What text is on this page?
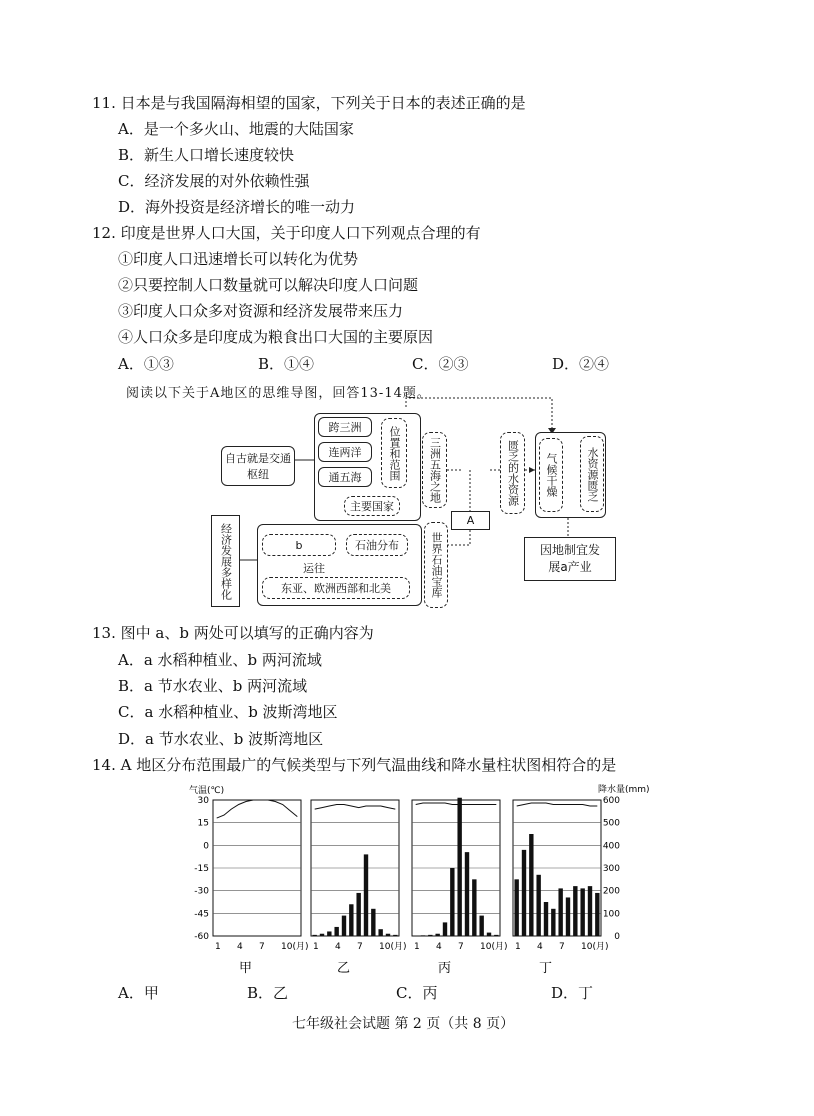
11. 日本是与我国隔海相望的国家，下列关于日本的表述正确的是
A．是一个多火山、地震的大陆国家
B．新生人口增长速度较快
C．经济发展的对外依赖性强
D．海外投资是经济增长的唯一动力
12. 印度是世界人口大国，关于印度人口下列观点合理的有
①印度人口迅速增长可以转化为优势
②只要控制人口数量就可以解决印度人口问题
③印度人口众多对资源和经济发展带来压力
④人口众多是印度成为粮食出口大国的主要原因
A．①③	B．①④	C．②③	D．②④
阅读以下关于A地区的思维导图，回答13-14题。
自古就是交通枢纽
跨三洲
连两洋
通五海	位置和范围
主要国家
三洲五海之地
A
匮乏的水资源	气候干燥	水资源匮乏
因地制宜发展a产业
经济发展多样化	b	石油分布
运往
东亚、欧洲西部和北美	世界石油宝库
13. 图中 a、b 两处可以填写的正确内容为
A．a 水稻种植业、b 两河流域
B．a 节水农业、b 两河流域
C．a 水稻种植业、b 波斯湾地区
D．a 节水农业、b 波斯湾地区
14. A 地区分布范围最广的气候类型与下列气温曲线和降水量柱状图相符合的是
气温(℃)	降水量(mm)
30
15
0
-15
-30
-45
-60
600
500
400
300
200
100
0
1 4 7 10(月)
甲
1 4 7 10(月)
乙
1 4 7 10(月)
丙
1 4 7 10(月)
丁
A．甲	B．乙	C．丙	D．丁
七年级社会试题 第 2 页（共 8 页）
